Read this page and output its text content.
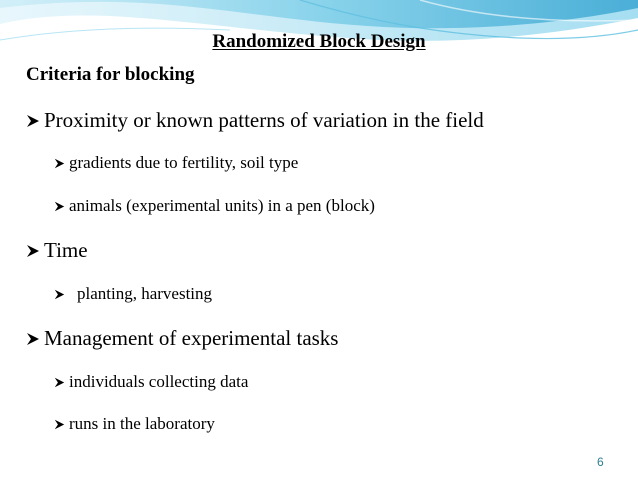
Randomized Block Design
Criteria for blocking
Proximity or known patterns of variation in the field
gradients due to fertility, soil type
animals (experimental units) in a pen (block)
Time
planting, harvesting
Management of experimental tasks
individuals collecting data
runs in the laboratory
6
